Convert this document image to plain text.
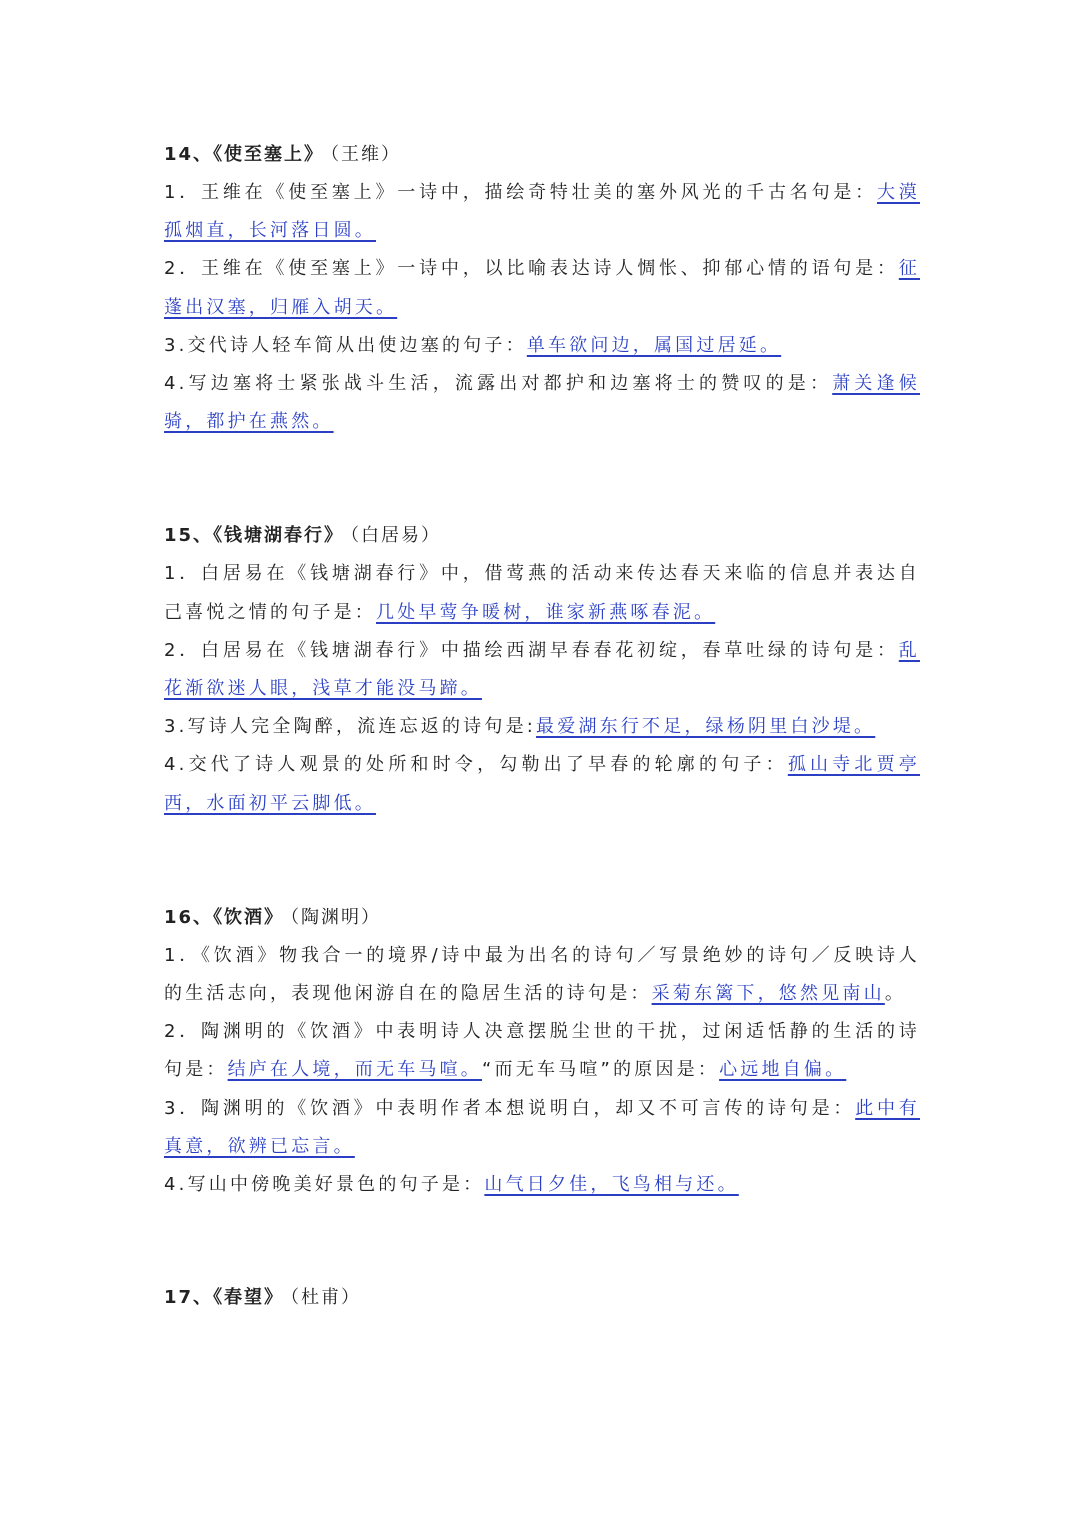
14、《使至塞上》 （王维）

1．王维在《使至塞上》一诗中，描绘奇特壮美的塞外风光的千古名句是：大漠孤烟直，长河落日圆。

2．王维在《使至塞上》一诗中，以比喻表达诗人惆怅、抑郁心情的语句是：征蓬出汉塞，归雁入胡天。

3.交代诗人轻车简从出使边塞的句子：单车欲问边，属国过居延。

4.写边塞将士紧张战斗生活，流露出对都护和边塞将士的赞叹的是：萧关逢候骑，都护在燕然。

15、《钱塘湖春行》 （白居易）

1．白居易在《钱塘湖春行》中，借莺燕的活动来传达春天来临的信息并表达自己喜悦之情的句子是：几处早莺争暖树，谁家新燕啄春泥。

2．白居易在《钱塘湖春行》中描绘西湖早春春花初绽，春草吐绿的诗句是：乱花渐欲迷人眼，浅草才能没马蹄。

3.写诗人完全陶醉，流连忘返的诗句是:最爱湖东行不足，绿杨阴里白沙堤。

4.交代了诗人观景的处所和时令，勾勒出了早春的轮廓的句子：孤山寺北贾亭西，水面初平云脚低。

16、《饮酒》 （陶渊明）

1．《饮酒》物我合一的境界/诗中最为出名的诗句／写景绝妙的诗句／反映诗人的生活志向，表现他闲游自在的隐居生活的诗句是：采菊东篱下，悠然见南山。

2．陶渊明的《饮酒》中表明诗人决意摆脱尘世的干扰，过闲适恬静的生活的诗句是：结庐在人境，而无车马喧。“而无车马喧”的原因是：心远地自偏。

3．陶渊明的《饮酒》中表明作者本想说明白，却又不可言传的诗句是：此中有真意，欲辨已忘言。

4.写山中傍晚美好景色的句子是：山气日夕佳，飞鸟相与还。

17、《春望》 （杜甫）
